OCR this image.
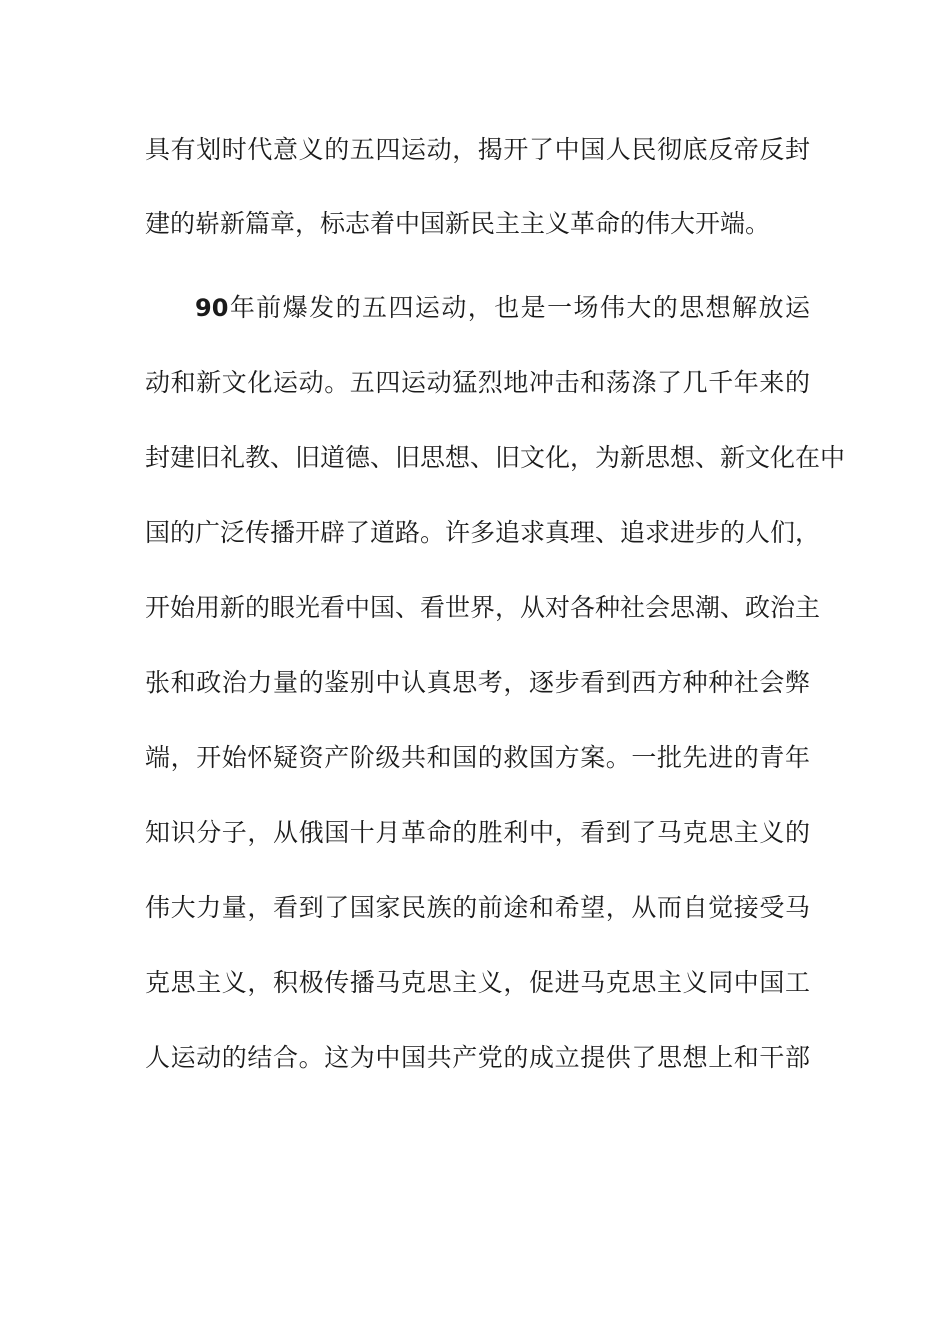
具有划时代意义的五四运动，揭开了中国人民彻底反帝反封
建的崭新篇章，标志着中国新民主主义革命的伟大开端。
90年前爆发的五四运动，也是一场伟大的思想解放运
动和新文化运动。五四运动猛烈地冲击和荡涤了几千年来的
封建旧礼教、旧道德、旧思想、旧文化，为新思想、新文化在中
国的广泛传播开辟了道路。许多追求真理、追求进步的人们，
开始用新的眼光看中国、看世界，从对各种社会思潮、政治主
张和政治力量的鉴别中认真思考，逐步看到西方种种社会弊
端，开始怀疑资产阶级共和国的救国方案。一批先进的青年
知识分子，从俄国十月革命的胜利中，看到了马克思主义的
伟大力量，看到了国家民族的前途和希望，从而自觉接受马
克思主义，积极传播马克思主义，促进马克思主义同中国工
人运动的结合。这为中国共产党的成立提供了思想上和干部
